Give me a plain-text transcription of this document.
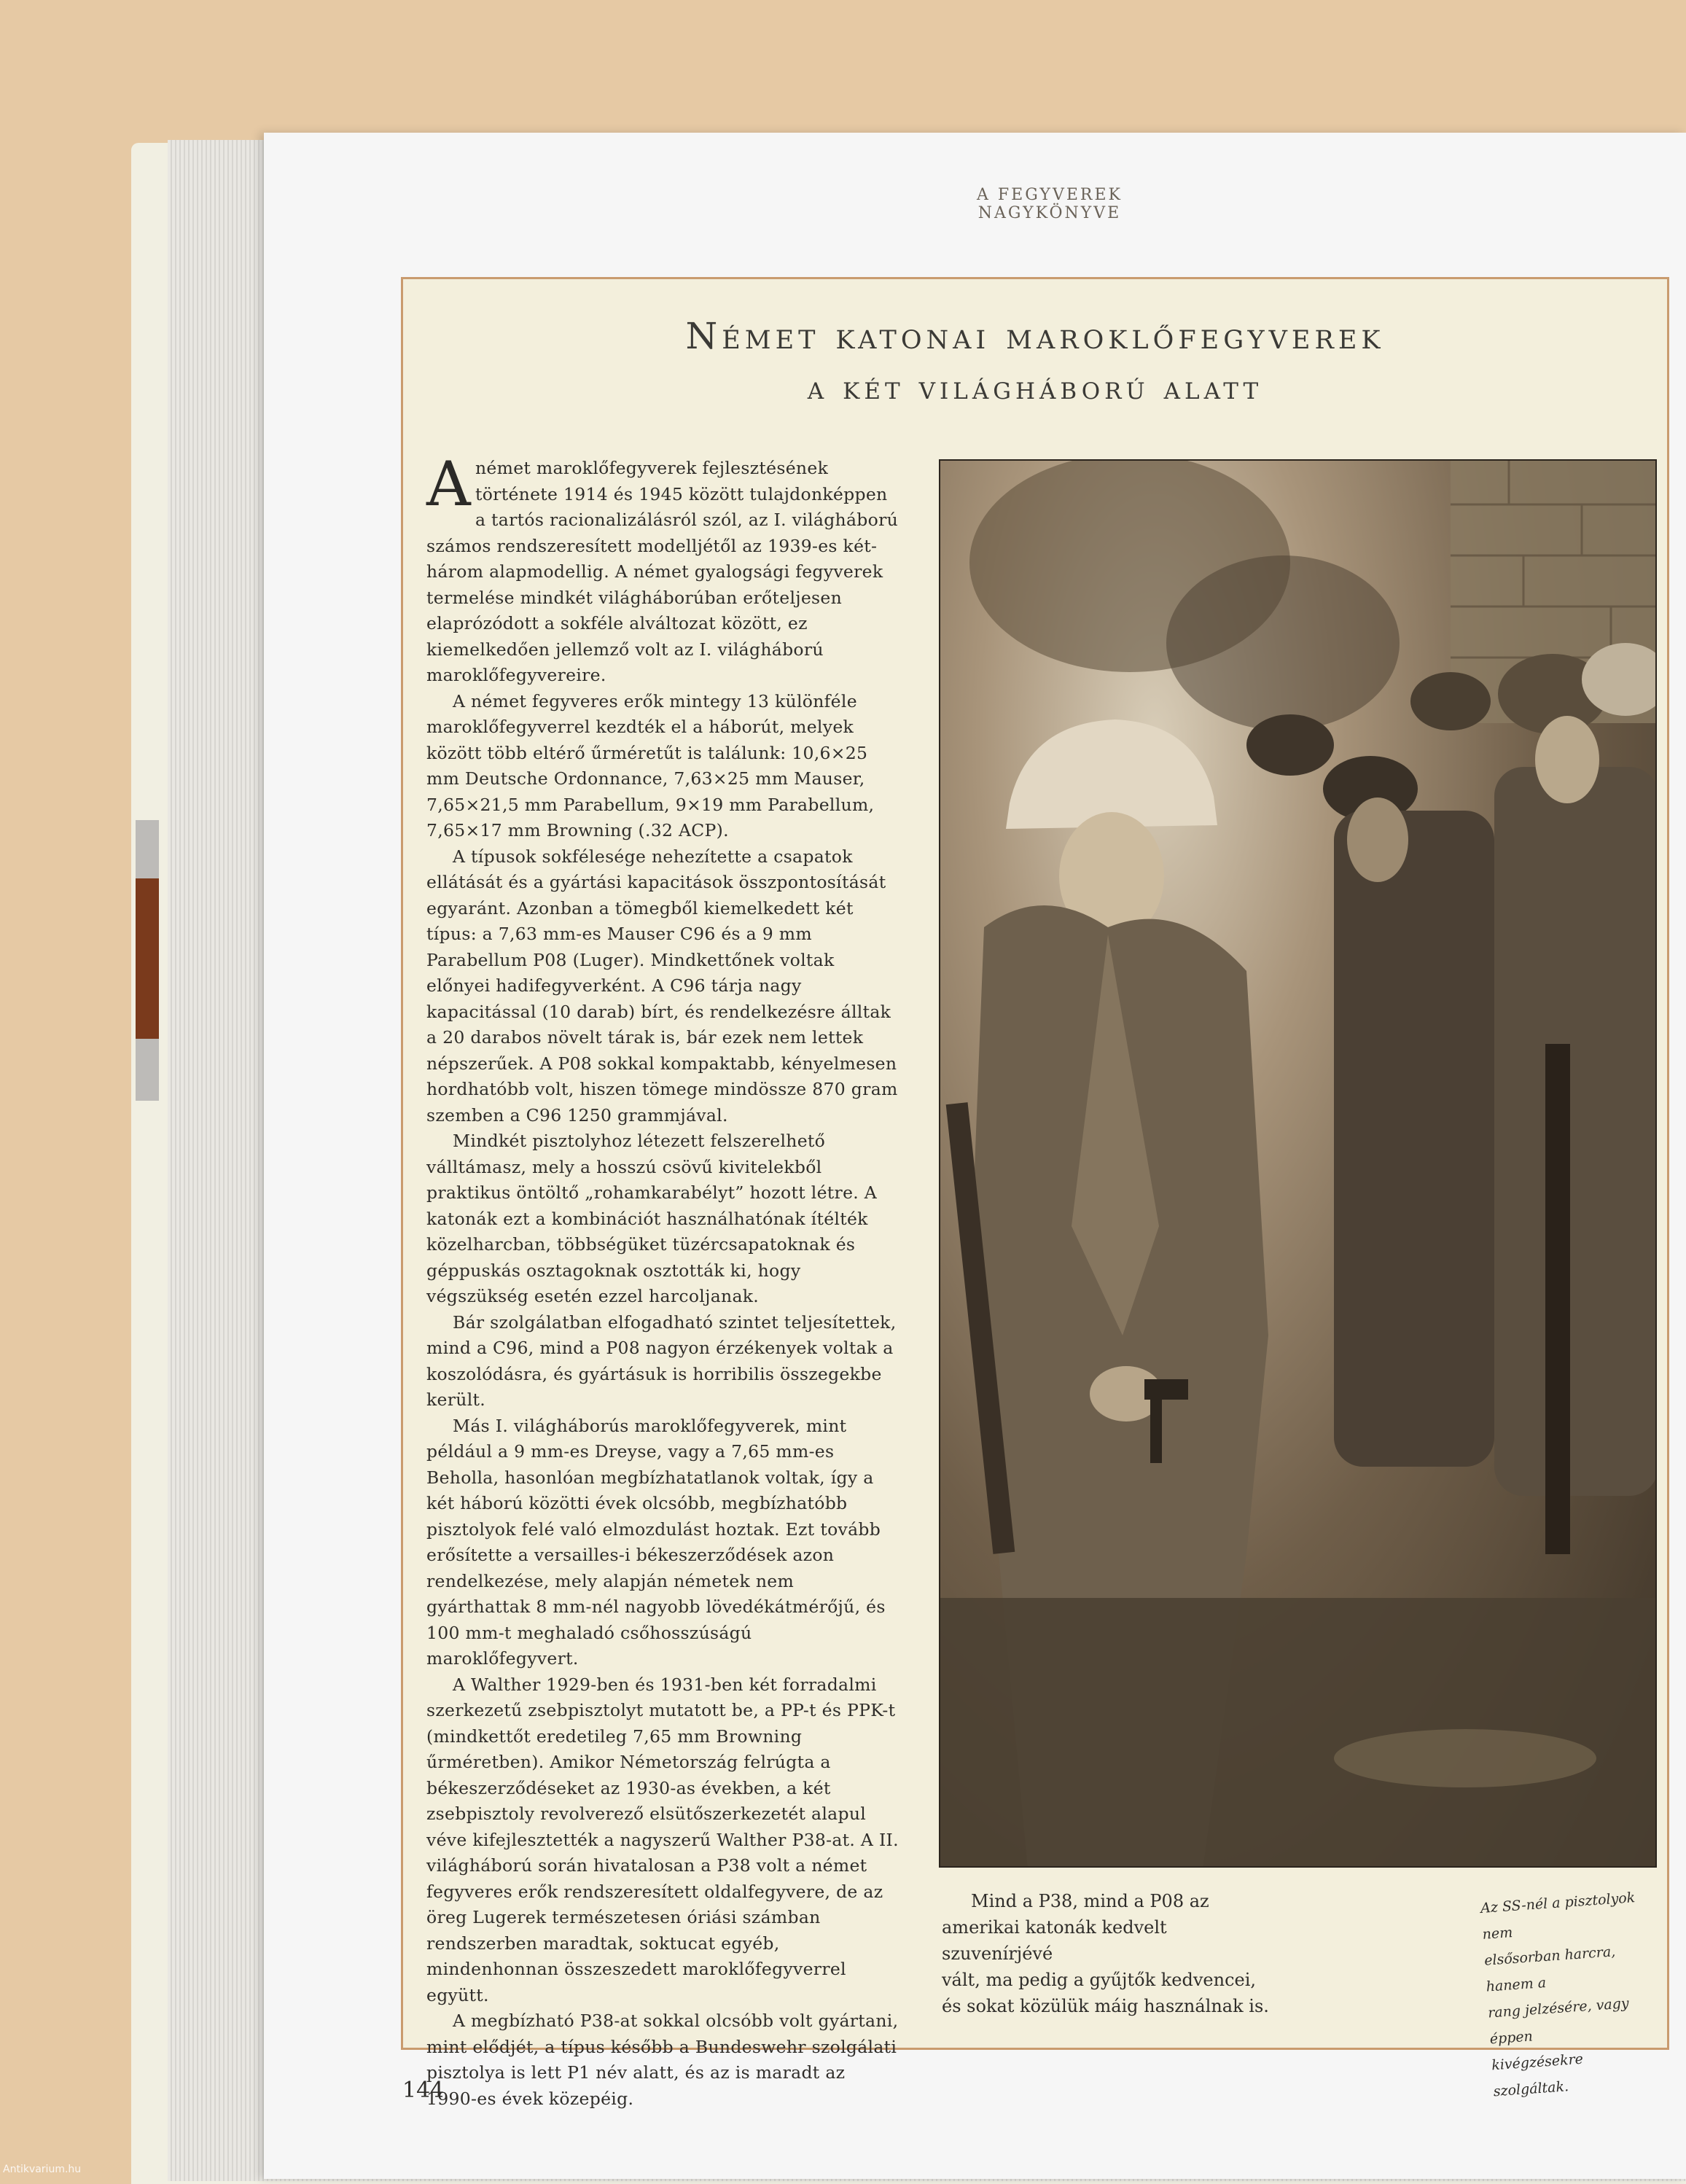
A FEGYVEREK NAGYKÖNYVE
Német katonai maroklőfegyverek
a két világháború alatt

A német maroklőfegyverek fejlesztésének története 1914 és 1945 között tulajdonképpen a tartós racionalizálásról szól, az I. világháború számos rendszeresített modelljétől az 1939-es két-három alapmodellig. A német gyalogsági fegyverek termelése mindkét világháborúban erőteljesen elaprózódott a sokféle alváltozat között, ez kiemelkedően jellemző volt az I. világháború maroklőfegyvereire.

A német fegyveres erők mintegy 13 különféle maroklőfegyverrel kezdték el a háborút, melyek között több eltérő űrméretűt is találunk: 10,6×25 mm Deutsche Ordonnance, 7,63×25 mm Mauser, 7,65×21,5 mm Parabellum, 9×19 mm Parabellum, 7,65×17 mm Browning (.32 ACP).

A típusok sokfélesége nehezítette a csapatok ellátását és a gyártási kapacitások összpontosítását egyaránt. Azonban a tömegből kiemelkedett két típus: a 7,63 mm-es Mauser C96 és a 9 mm Parabellum P08 (Luger). Mindkettőnek voltak előnyei hadifegyverként. A C96 tárja nagy kapacitással (10 darab) bírt, és rendelkezésre álltak a 20 darabos növelt tárak is, bár ezek nem lettek népszerűek. A P08 sokkal kompaktabb, kényelmesen hordhatóbb volt, hiszen tömege mindössze 870 gram szemben a C96 1250 grammjával.

Mindkét pisztolyhoz létezett felszerelhető válltámasz, mely a hosszú csövű kivitelekből praktikus öntöltő „rohamkarabélyt” hozott létre. A katonák ezt a kombinációt használhatónak ítélték közelharcban, többségüket tüzércsapatoknak és géppuskás osztagoknak osztották ki, hogy végszükség esetén ezzel harcoljanak.

Bár szolgálatban elfogadható szintet teljesítettek, mind a C96, mind a P08 nagyon érzékenyek voltak a koszolódásra, és gyártásuk is horribilis összegekbe került.

Más I. világháborús maroklőfegyverek, mint például a 9 mm-es Dreyse, vagy a 7,65 mm-es Beholla, hasonlóan megbízhatatlanok voltak, így a két háború közötti évek olcsóbb, megbízhatóbb pisztolyok felé való elmozdulást hoztak. Ezt tovább erősítette a versailles-i békeszerződések azon rendelkezése, mely alapján németek nem gyárthattak 8 mm-nél nagyobb lövedékátmérőjű, és 100 mm-t meghaladó csőhosszúságú maroklőfegyvert.

A Walther 1929-ben és 1931-ben két forradalmi szerkezetű zsebpisztolyt mutatott be, a PP-t és PPK-t (mindkettőt eredetileg 7,65 mm Browning űrméretben). Amikor Németország felrúgta a békeszerződéseket az 1930-as években, a két zsebpisztoly revolverező elsütőszerkezetét alapul véve kifejlesztették a nagyszerű Walther P38-at. A II. világháború során hivatalosan a P38 volt a német fegyveres erők rendszeresített oldalfegyvere, de az öreg Lugerek természetesen óriási számban rendszerben maradtak, soktucat egyéb, mindenhonnan összeszedett maroklőfegyverrel együtt.

A megbízható P38-at sokkal olcsóbb volt gyártani, mint elődjét, a típus később a Bundeswehr szolgálati pisztolya is lett P1 név alatt, és az is maradt az 1990-es évek közepéig.

Mind a P38, mind a P08 az
amerikai katonák kedvelt szuvenírjévé
vált, ma pedig a gyűjtők kedvencei,
és sokat közülük máig használnak is.
Az SS-nél a pisztolyok nem
elsősorban harcra, hanem a
rang jelzésére, vagy éppen
kivégzésekre szolgáltak.
144
Antikvarium.hu
